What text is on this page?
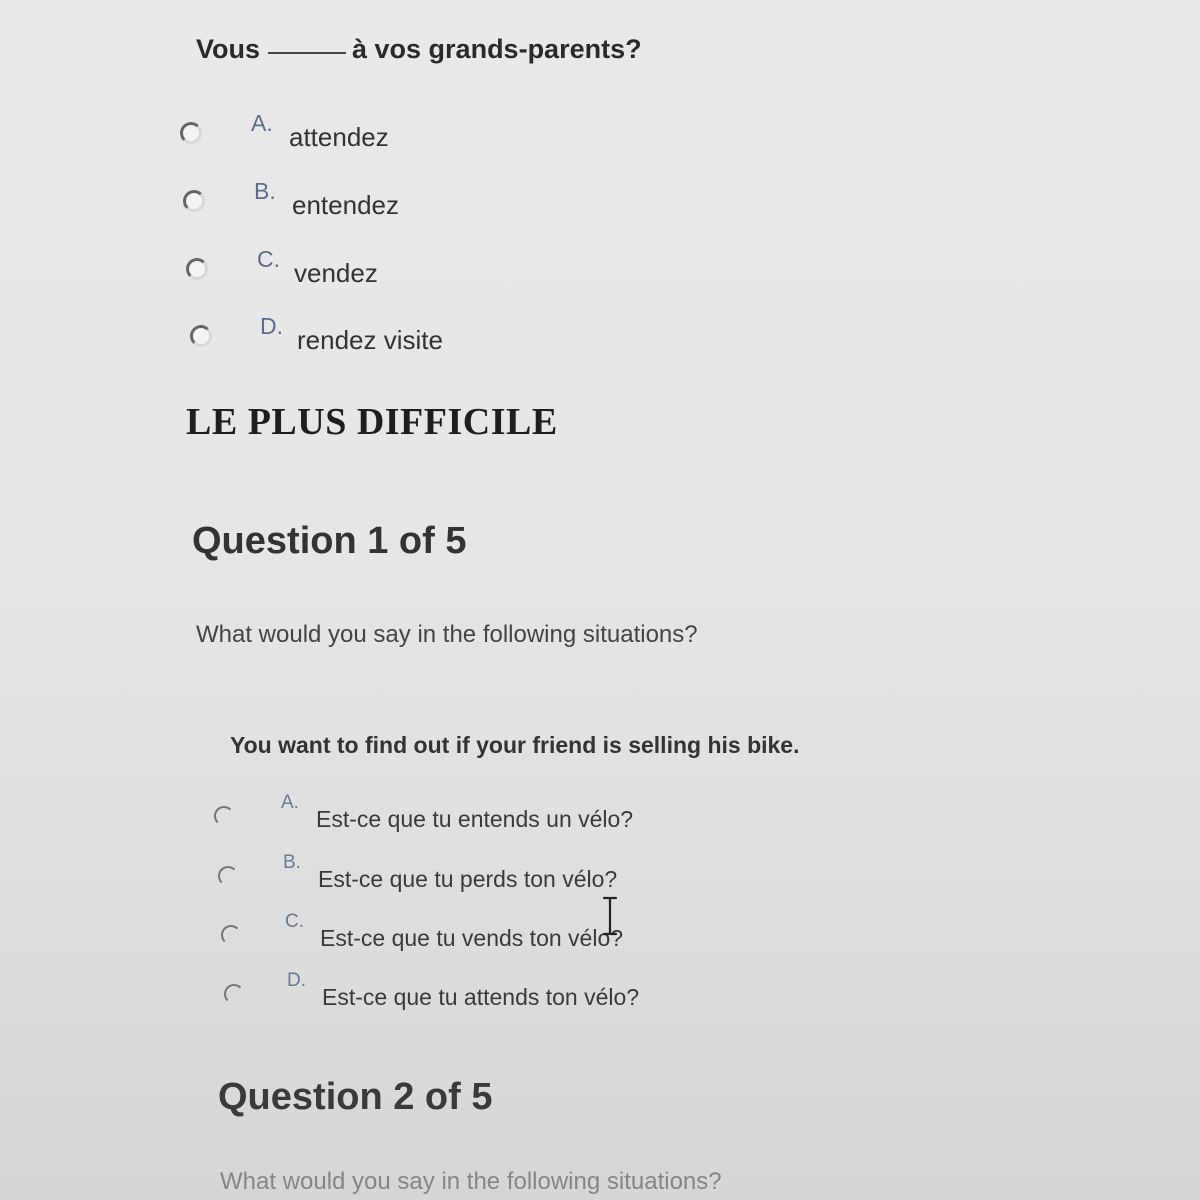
Vous	à vos grands-parents?
A. attendez
B. entendez
C. vendez
D. rendez visite
LE PLUS DIFFICILE
Question 1 of 5
What would you say in the following situations?
You want to find out if your friend is selling his bike.
A.
Est-ce que tu entends un vélo?
B.
Est-ce que tu perds ton vélo?
C.
Est-ce que tu vends ton vélo?
D.
Est-ce que tu attends ton vélo?
Question 2 of 5
What would you say in the following situations?
